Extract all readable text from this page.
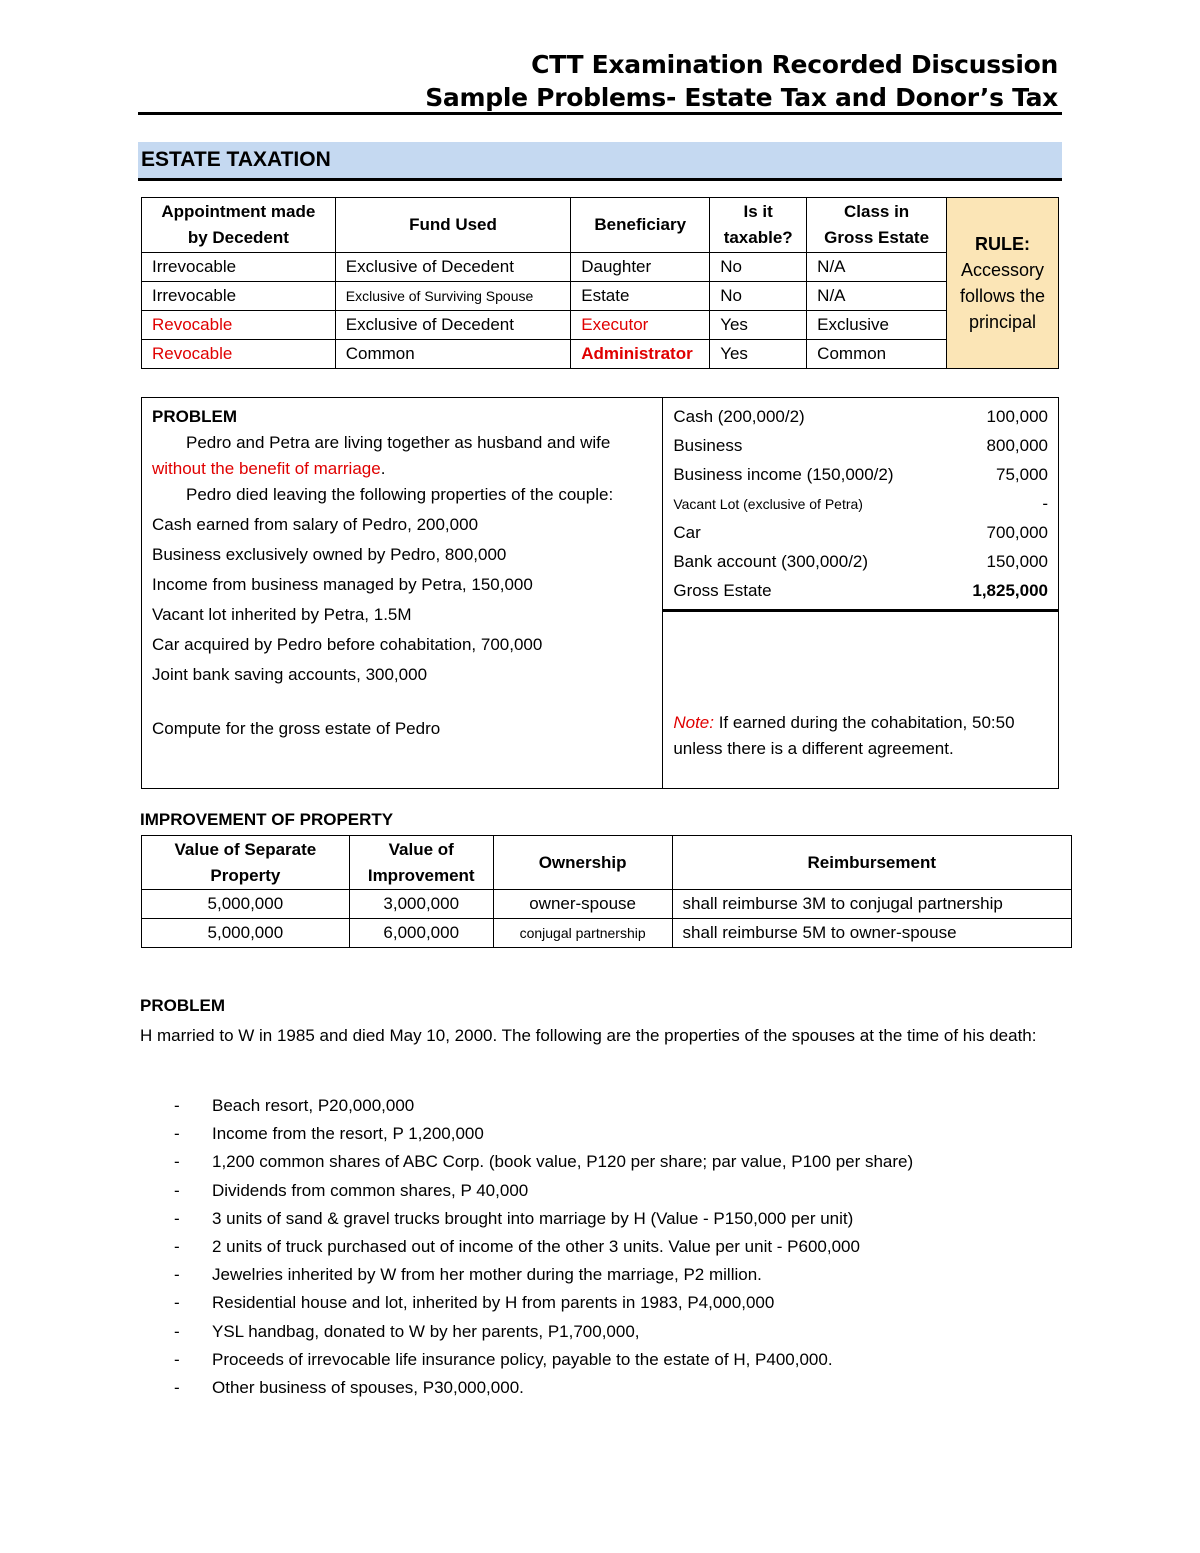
CTT Examination Recorded Discussion
Sample Problems- Estate Tax and Donor’s Tax
ESTATE TAXATION
Appointment made by Decedent	Fund Used	Beneficiary	Is it taxable?	Class in Gross Estate	RULE:
Accessory follows the principal

Irrevocable	Exclusive of Decedent	Daughter	No	N/A	
Irrevocable	Exclusive of Surviving Spouse	Estate	No	N/A	
Revocable	Exclusive of Decedent	Executor	Yes	Exclusive	
Revocable	Common	Administrator	Yes	Common	
PROBLEM
Pedro and Petra are living together as husband and wife without the benefit of marriage.
Pedro died leaving the following properties of the couple:
Cash earned from salary of Pedro, 200,000
Business exclusively owned by Pedro, 800,000
Income from business managed by Petra, 150,000
Vacant lot inherited by Petra, 1.5M
Car acquired by Pedro before cohabitation, 700,000
Joint bank saving accounts, 300,000
Compute for the gross estate of Pedro

Cash (200,000/2)	100,000
Business	800,000
Business income (150,000/2)	75,000
Vacant Lot (exclusive of Petra)	-
Car	700,000
Bank account (300,000/2)	150,000
Gross Estate	1,825,000

Note: If earned during the cohabitation, 50:50 unless there is a different agreement.
IMPROVEMENT OF PROPERTY
Value of Separate Property	Value of Improvement	Ownership	Reimbursement
5,000,000	3,000,000	owner-spouse	shall reimburse 3M to conjugal partnership
5,000,000	6,000,000	conjugal partnership	shall reimburse 5M to owner-spouse
PROBLEM
H married to W in 1985 and died May 10, 2000. The following are the properties of the spouses at the time of his death:
- Beach resort, P20,000,000
- Income from the resort, P 1,200,000
- 1,200 common shares of ABC Corp. (book value, P120 per share; par value, P100 per share)
- Dividends from common shares, P 40,000
- 3 units of sand & gravel trucks brought into marriage by H (Value - P150,000 per unit)
- 2 units of truck purchased out of income of the other 3 units. Value per unit - P600,000
- Jewelries inherited by W from her mother during the marriage, P2 million.
- Residential house and lot, inherited by H from parents in 1983, P4,000,000
- YSL handbag, donated to W by her parents, P1,700,000,
- Proceeds of irrevocable life insurance policy, payable to the estate of H, P400,000.
- Other business of spouses, P30,000,000.
